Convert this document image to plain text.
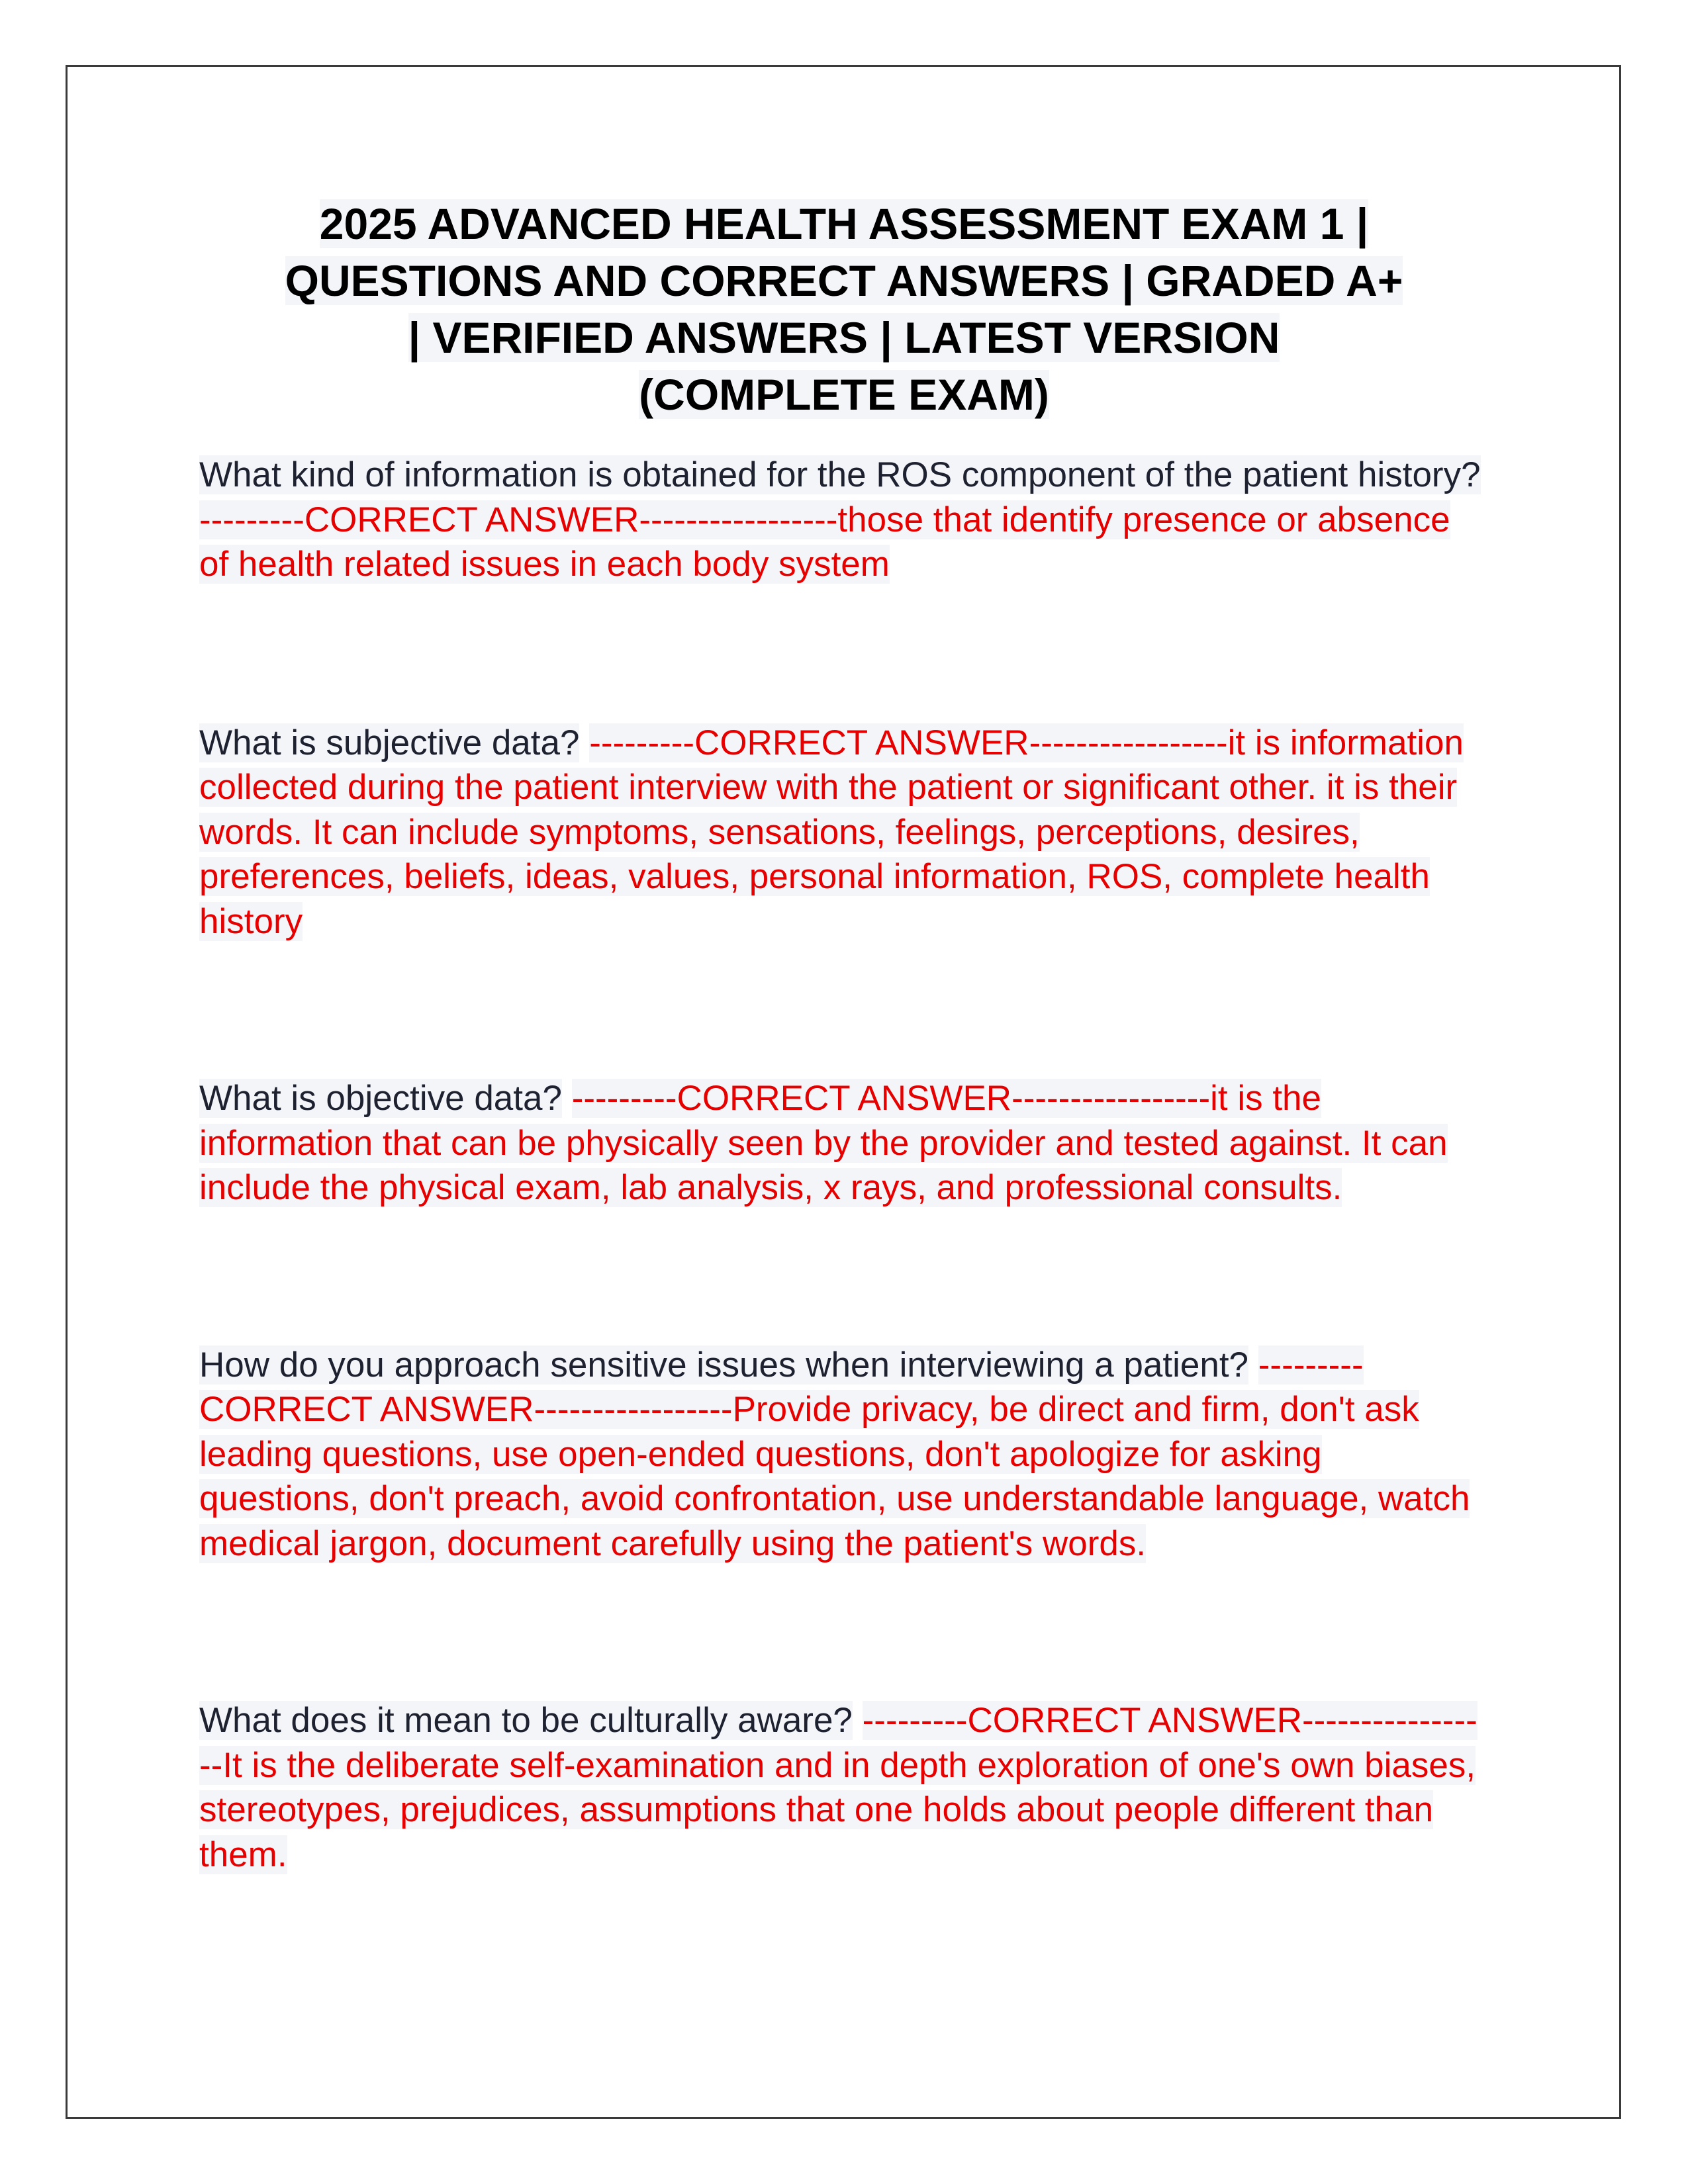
2025 ADVANCED HEALTH ASSESSMENT EXAM 1 |
QUESTIONS AND CORRECT ANSWERS | GRADED A+
| VERIFIED ANSWERS | LATEST VERSION
(COMPLETE EXAM)

What kind of information is obtained for the ROS component of the patient history? ---------CORRECT ANSWER-----------------those that identify presence or absence of health related issues in each body system

What is subjective data? ---------CORRECT ANSWER-----------------it is information collected during the patient interview with the patient or significant other. it is their words. It can include symptoms, sensations, feelings, perceptions, desires, preferences, beliefs, ideas, values, personal information, ROS, complete health history

What is objective data? ---------CORRECT ANSWER-----------------it is the information that can be physically seen by the provider and tested against. It can include the physical exam, lab analysis, x rays, and professional consults.

How do you approach sensitive issues when interviewing a patient? ---------CORRECT ANSWER-----------------Provide privacy, be direct and firm, don't ask leading questions, use open-ended questions, don't apologize for asking questions, don't preach, avoid confrontation, use understandable language, watch medical jargon, document carefully using the patient's words.

What does it mean to be culturally aware? ---------CORRECT ANSWER-----------------It is the deliberate self-examination and in depth exploration of one's own biases, stereotypes, prejudices, assumptions that one holds about people different than them.
